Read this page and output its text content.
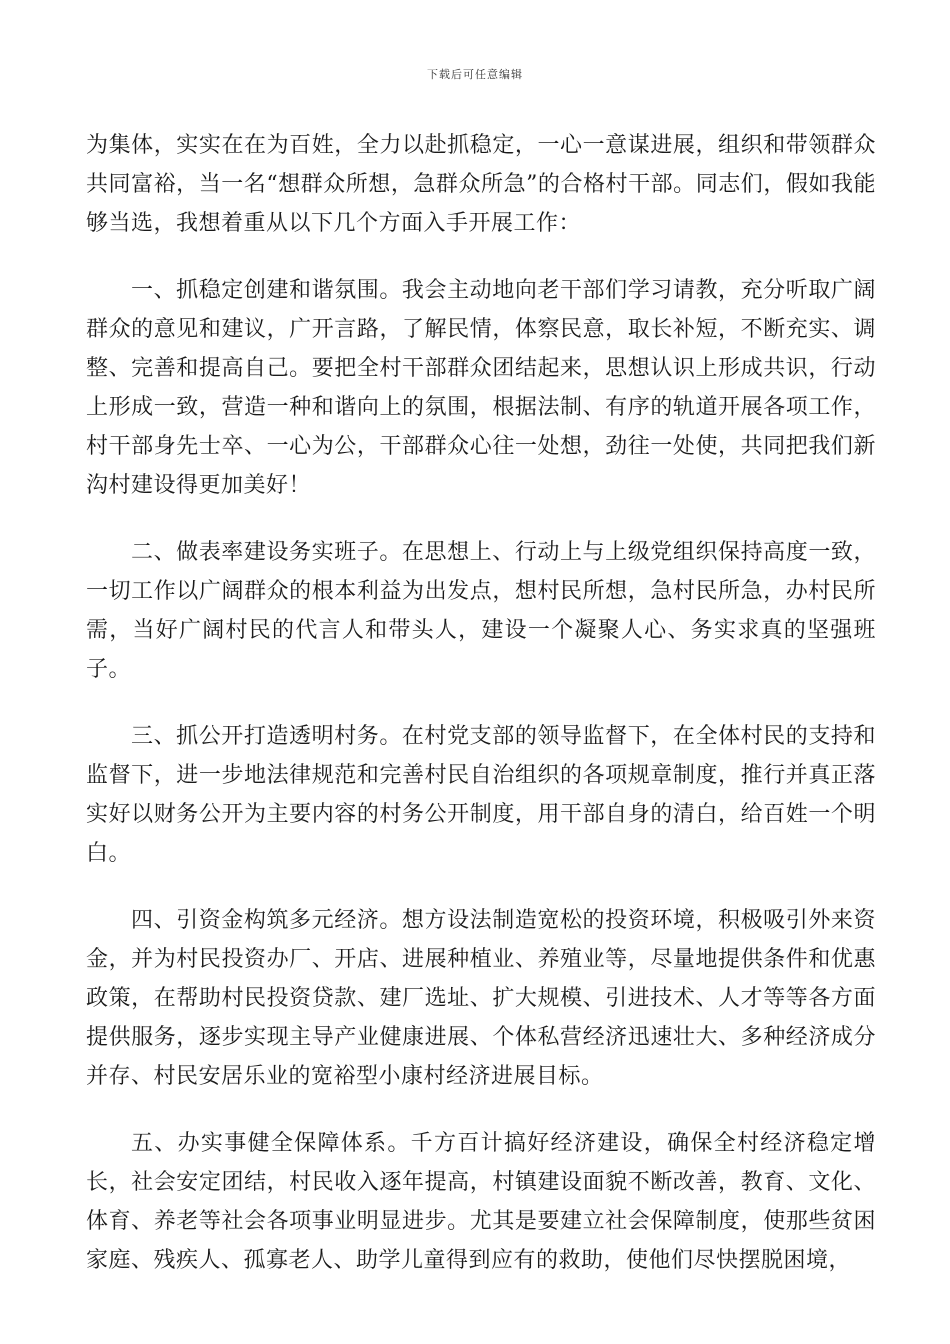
下载后可任意编辑

为集体，实实在在为百姓，全力以赴抓稳定，一心一意谋进展，组织和带领群众共同富裕，当一名“想群众所想，急群众所急”的合格村干部。同志们，假如我能够当选，我想着重从以下几个方面入手开展工作：

一、抓稳定创建和谐氛围。我会主动地向老干部们学习请教，充分听取广阔群众的意见和建议，广开言路，了解民情，体察民意，取长补短，不断充实、调整、完善和提高自己。要把全村干部群众团结起来，思想认识上形成共识，行动上形成一致，营造一种和谐向上的氛围，根据法制、有序的轨道开展各项工作，村干部身先士卒、一心为公，干部群众心往一处想，劲往一处使，共同把我们新沟村建设得更加美好！

二、做表率建设务实班子。在思想上、行动上与上级党组织保持高度一致，一切工作以广阔群众的根本利益为出发点，想村民所想，急村民所急，办村民所需，当好广阔村民的代言人和带头人，建设一个凝聚人心、务实求真的坚强班子。

三、抓公开打造透明村务。在村党支部的领导监督下，在全体村民的支持和监督下，进一步地法律规范和完善村民自治组织的各项规章制度，推行并真正落实好以财务公开为主要内容的村务公开制度，用干部自身的清白，给百姓一个明白。

四、引资金构筑多元经济。想方设法制造宽松的投资环境，积极吸引外来资金，并为村民投资办厂、开店、进展种植业、养殖业等，尽量地提供条件和优惠政策，在帮助村民投资贷款、建厂选址、扩大规模、引进技术、人才等等各方面提供服务，逐步实现主导产业健康进展、个体私营经济迅速壮大、多种经济成分并存、村民安居乐业的宽裕型小康村经济进展目标。

五、办实事健全保障体系。千方百计搞好经济建设，确保全村经济稳定增长，社会安定团结，村民收入逐年提高，村镇建设面貌不断改善，教育、文化、体育、养老等社会各项事业明显进步。尤其是要建立社会保障制度，使那些贫困家庭、残疾人、孤寡老人、助学儿童得到应有的救助，使他们尽快摆脱困境，
